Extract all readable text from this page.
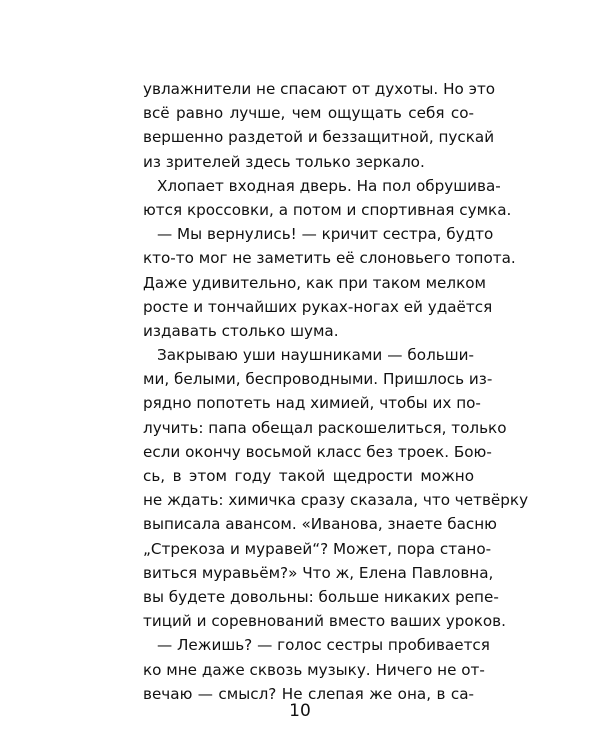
увлажнители не спасают от духоты. Но это
всё равно лучше, чем ощущать себя со-
вершенно раздетой и беззащитной, пускай
из зрителей здесь только зеркало.
Хлопает входная дверь. На пол обрушива-
ются кроссовки, а потом и спортивная сумка.
— Мы вернулись! — кричит сестра, будто
кто-то мог не заметить её слоновьего топота.
Даже удивительно, как при таком мелком
росте и тончайших руках-ногах ей удаётся
издавать столько шума.
Закрываю уши наушниками — больши-
ми, белыми, беспроводными. Пришлось из-
рядно попотеть над химией, чтобы их по-
лучить: папа обещал раскошелиться, только
если окончу восьмой класс без троек. Бою-
сь, в этом году такой щедрости можно
не ждать: химичка сразу сказала, что четвёрку
выписала авансом. «Иванова, знаете басню
„Стрекоза и муравей“? Может, пора стано-
виться муравьём?» Что ж, Елена Павловна,
вы будете довольны: больше никаких репе-
тиций и соревнований вместо ваших уроков.
— Лежишь? — голос сестры пробивается
ко мне даже сквозь музыку. Ничего не от-
вечаю — смысл? Не слепая же она, в са-
10
